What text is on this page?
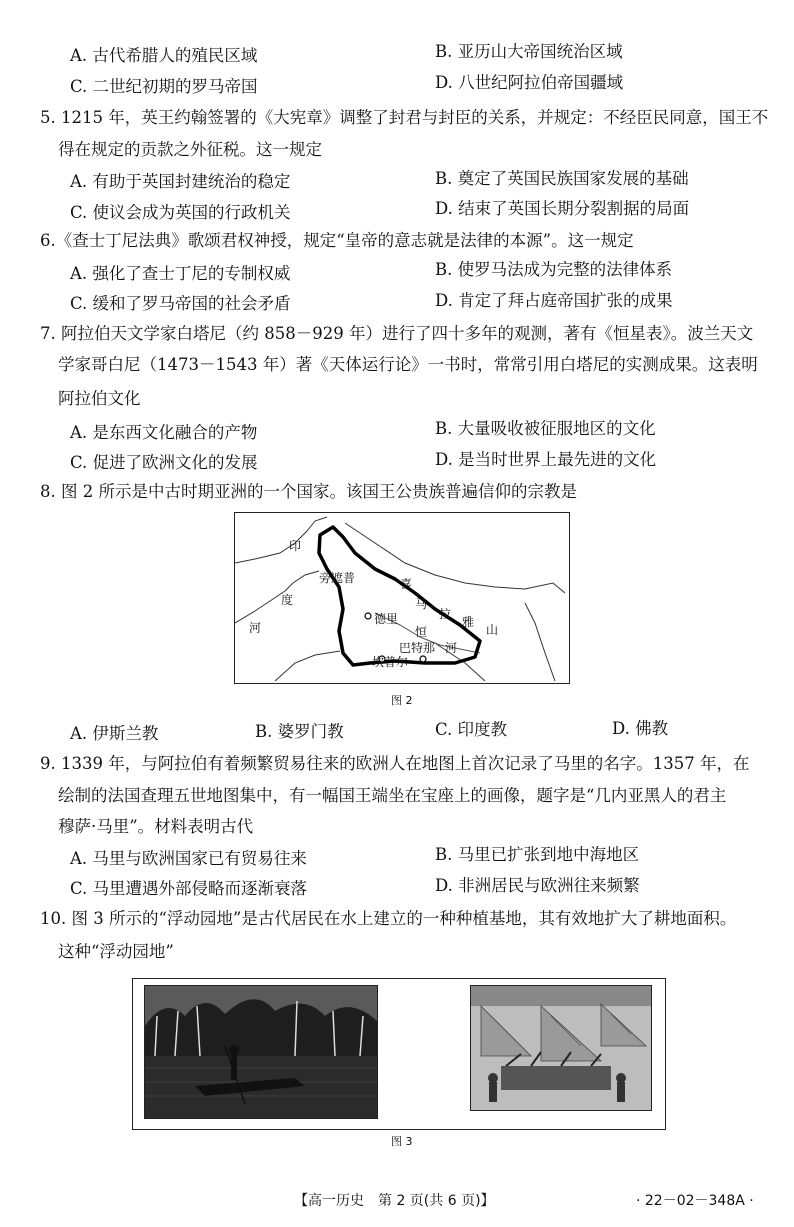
A. 古代希腊人的殖民区域	B. 亚历山大帝国统治区域
C. 二世纪初期的罗马帝国	D. 八世纪阿拉伯帝国疆域
5. 1215 年，英王约翰签署的《大宪章》调整了封君与封臣的关系，并规定：不经臣民同意，国王不
得在规定的贡款之外征税。这一规定
A. 有助于英国封建统治的稳定	B. 奠定了英国民族国家发展的基础
C. 使议会成为英国的行政机关	D. 结束了英国长期分裂割据的局面
6.《查士丁尼法典》歌颂君权神授，规定“皇帝的意志就是法律的本源”。这一规定
A. 强化了查士丁尼的专制权威	B. 使罗马法成为完整的法律体系
C. 缓和了罗马帝国的社会矛盾	D. 肯定了拜占庭帝国扩张的成果
7. 阿拉伯天文学家白塔尼（约 858－929 年）进行了四十多年的观测，著有《恒星表》。波兰天文
学家哥白尼（1473－1543 年）著《天体运行论》一书时，常常引用白塔尼的实测成果。这表明
阿拉伯文化
A. 是东西文化融合的产物	B. 大量吸收被征服地区的文化
C. 促进了欧洲文化的发展	D. 是当时世界上最先进的文化
8. 图 2 所示是中古时期亚洲的一个国家。该国王公贵族普遍信仰的宗教是
印
度
河
旁遮普	喜
马
拉
雅
山
德里
恒
巴特那 河
坎普尔
图 2
A. 伊斯兰教	B. 婆罗门教	C. 印度教	D. 佛教
9. 1339 年，与阿拉伯有着频繁贸易往来的欧洲人在地图上首次记录了马里的名字。1357 年，在
绘制的法国查理五世地图集中，有一幅国王端坐在宝座上的画像，题字是“几内亚黑人的君主
穆萨·马里”。材料表明古代
A. 马里与欧洲国家已有贸易往来	B. 马里已扩张到地中海地区
C. 马里遭遇外部侵略而逐渐衰落	D. 非洲居民与欧洲往来频繁
10. 图 3 所示的“浮动园地”是古代居民在水上建立的一种种植基地，其有效地扩大了耕地面积。
这种“浮动园地”
图 3
【高一历史　第 2 页(共 6 页)】	· 22－02－348A ·
